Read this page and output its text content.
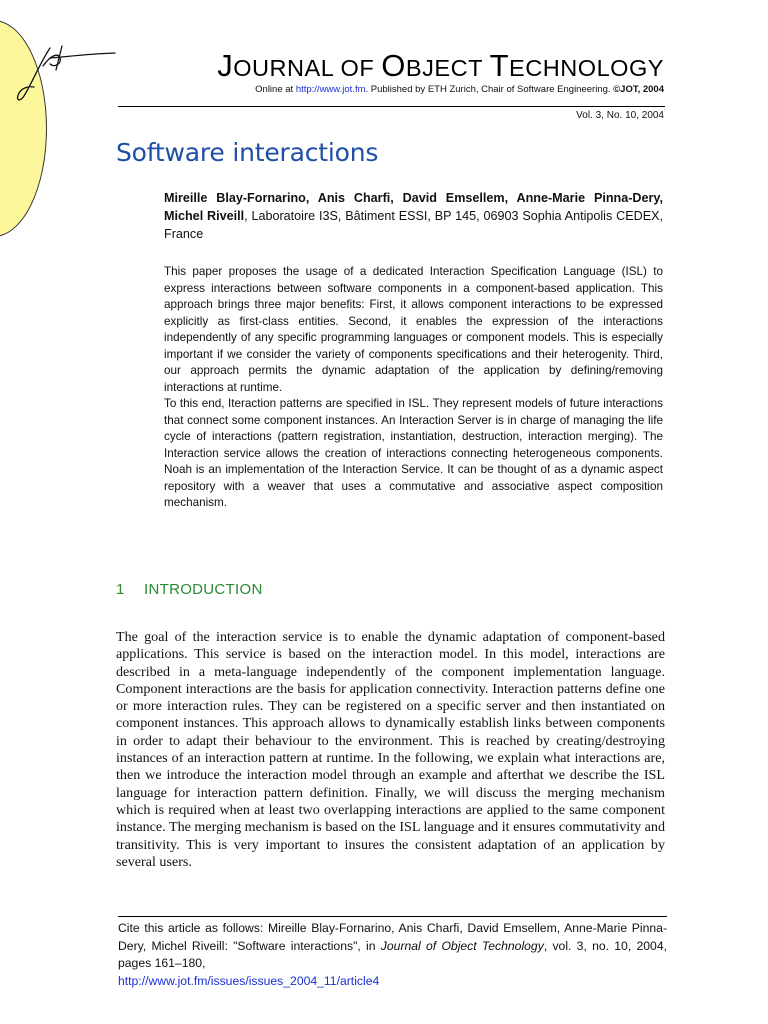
JOURNAL OF OBJECT TECHNOLOGY
Online at http://www.jot.fm. Published by ETH Zurich, Chair of Software Engineering. ©JOT, 2004
Vol. 3, No. 10, 2004
Software interactions

Mireille Blay-Fornarino, Anis Charfi, David Emsellem, Anne-Marie Pinna-Dery, Michel Riveill, Laboratoire I3S, Bâtiment ESSI, BP 145, 06903 Sophia Antipolis CEDEX, France

This paper proposes the usage of a dedicated Interaction Specification Language (ISL) to express interactions between software components in a component-based application. This approach brings three major benefits: First, it allows component interactions to be expressed explicitly as first-class entities. Second, it enables the expression of the interactions independently of any specific programming languages or component models. This is especially important if we consider the variety of components specifications and their heterogenity. Third, our approach permits the dynamic adaptation of the application by defining/removing interactions at runtime.

To this end, Iteraction patterns are specified in ISL. They represent models of future interactions that connect some component instances. An Interaction Server is in charge of managing the life cycle of interactions (pattern registration, instantiation, destruction, interaction merging). The Interaction service allows the creation of interactions connecting heterogeneous components. Noah is an implementation of the Interaction Service. It can be thought of as a dynamic aspect repository with a weaver that uses a commutative and associative aspect composition mechanism.

1 INTRODUCTION

The goal of the interaction service is to enable the dynamic adaptation of component-based applications. This service is based on the interaction model. In this model, interactions are described in a meta-language independently of the component implementation language. Component interactions are the basis for application connectivity. Interaction patterns define one or more interaction rules. They can be registered on a specific server and then instantiated on component instances. This approach allows to dynamically establish links between components in order to adapt their behaviour to the environment. This is reached by creating/destroying instances of an interaction pattern at runtime. In the following, we explain what interactions are, then we introduce the interaction model through an example and afterthat we describe the ISL language for interaction pattern definition. Finally, we will discuss the merging mechanism which is required when at least two overlapping interactions are applied to the same component instance. The merging mechanism is based on the ISL language and it ensures commutativity and transitivity. This is very important to insures the consistent adaptation of an application by several users.

Cite this article as follows: Mireille Blay-Fornarino, Anis Charfi, David Emsellem, Anne-Marie Pinna-Dery, Michel Riveill: "Software interactions", in Journal of Object Technology, vol. 3, no. 10, 2004, pages 161–180,

http://www.jot.fm/issues/issues_2004_11/article4
